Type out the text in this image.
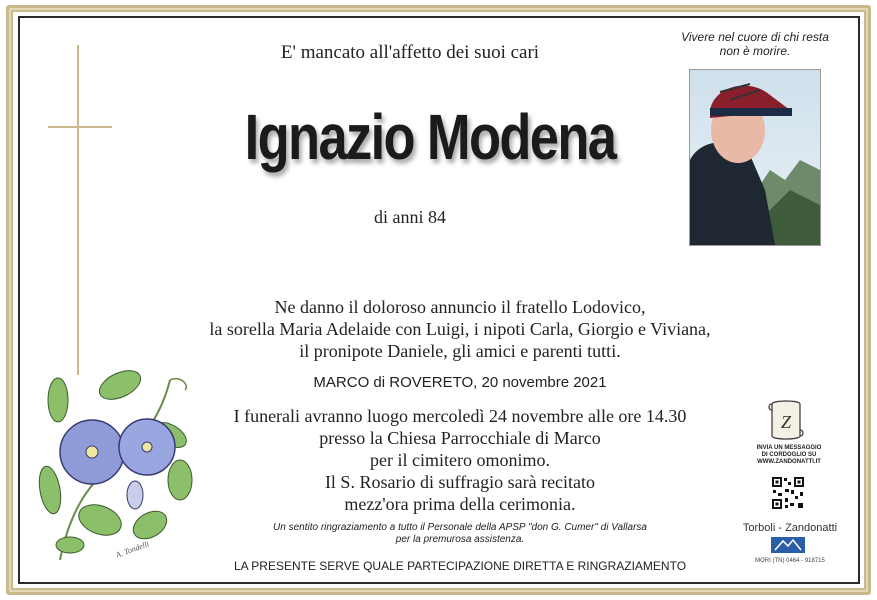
A. Tondelli
E' mancato all'affetto dei suoi cari
Ignazio Modena
di anni 84
Vivere nel cuore di chi resta
non è morire.
Ne danno il doloroso annuncio il fratello Lodovico,
la sorella Maria Adelaide con Luigi, i nipoti Carla, Giorgio e Viviana,
il pronipote Daniele, gli amici e parenti tutti.
MARCO di ROVERETO, 20 novembre 2021
I funerali avranno luogo mercoledì 24 novembre alle ore 14.30
presso la Chiesa Parrocchiale di Marco
per il cimitero omonimo.
Il S. Rosario di suffragio sarà recitato
mezz'ora prima della cerimonia.
Un sentito ringraziamento a tutto il Personale della APSP "don G. Cumer" di Vallarsa
per la premurosa assistenza.
LA PRESENTE SERVE QUALE PARTECIPAZIONE DIRETTA E RINGRAZIAMENTO
Z
INVIA UN MESSAGGIO
DI CORDOGLIO SU
WWW.ZANDONATTI.IT
Torboli - Zandonatti
MORI (TN) 0464 - 918715
